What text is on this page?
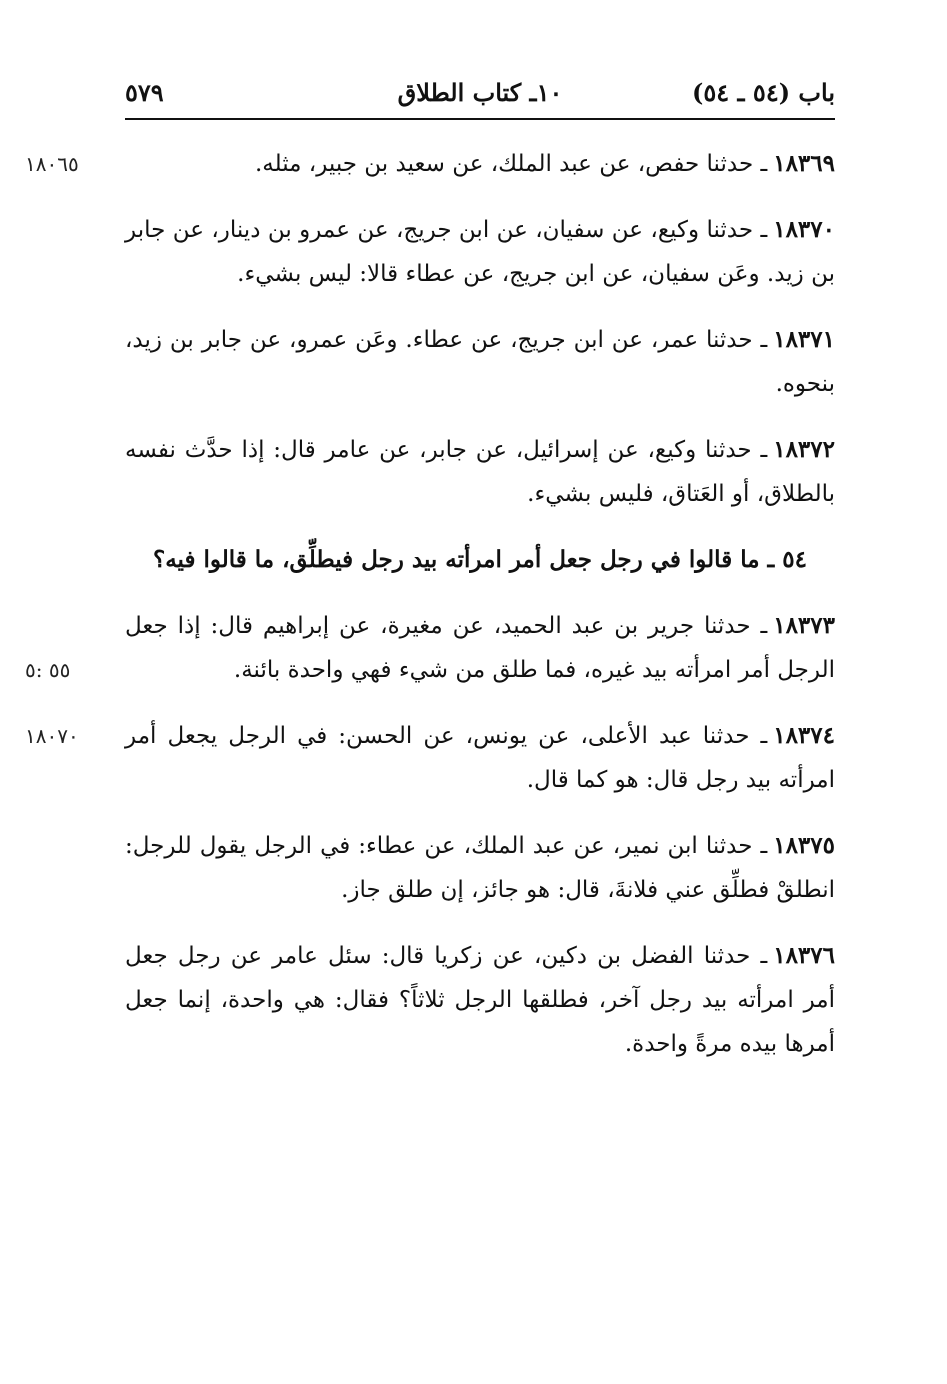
باب (٥٤ ـ ٥٤)
١٠ـ كتاب الطلاق
٥٧٩

١٨٠٦٥	١٨٣٦٩ـ حدثنا حفص، عن عبد الملك، عن سعيد بن جبير، مثله.

١٨٣٧٠ـ حدثنا وكيع، عن سفيان، عن ابن جريج، عن عمرو بن دينار، عن جابر بن زيد. وعَن سفيان، عن ابن جريج، عن عطاء قالا: ليس بشيء.

١٨٣٧١ـ حدثنا عمر، عن ابن جريج، عن عطاء. وعَن عمرو، عن جابر بن زيد، بنحوه.

١٨٣٧٢ـ حدثنا وكيع، عن إسرائيل، عن جابر، عن عامر قال: إذا حدَّث نفسه بالطلاق، أو العَتاق، فليس بشيء.

٥٤ ـ ما قالوا في رجل جعل أمر امرأته بيد رجل فيطلِّق، ما قالوا فيه؟

٥٥ :٥
١٨٣٧٣ـ حدثنا جرير بن عبد الحميد، عن مغيرة، عن إبراهيم قال: إذا جعل الرجل أمر امرأته بيد غيره، فما طلق من شيء فهي واحدة بائنة.

١٨٠٧٠	١٨٣٧٤ـ حدثنا عبد الأعلى، عن يونس، عن الحسن: في الرجل يجعل أمر امرأته بيد رجل قال: هو كما قال.

١٨٣٧٥ـ حدثنا ابن نمير، عن عبد الملك، عن عطاء: في الرجل يقول للرجل: انطلقْ فطلِّق عني فلانةَ، قال: هو جائز، إن طلق جاز.

١٨٣٧٦ـ حدثنا الفضل بن دكين، عن زكريا قال: سئل عامر عن رجل جعل أمر امرأته بيد رجل آخر، فطلقها الرجل ثلاثاً؟ فقال: هي واحدة، إنما جعل أمرها بيده مرةً واحدة.
